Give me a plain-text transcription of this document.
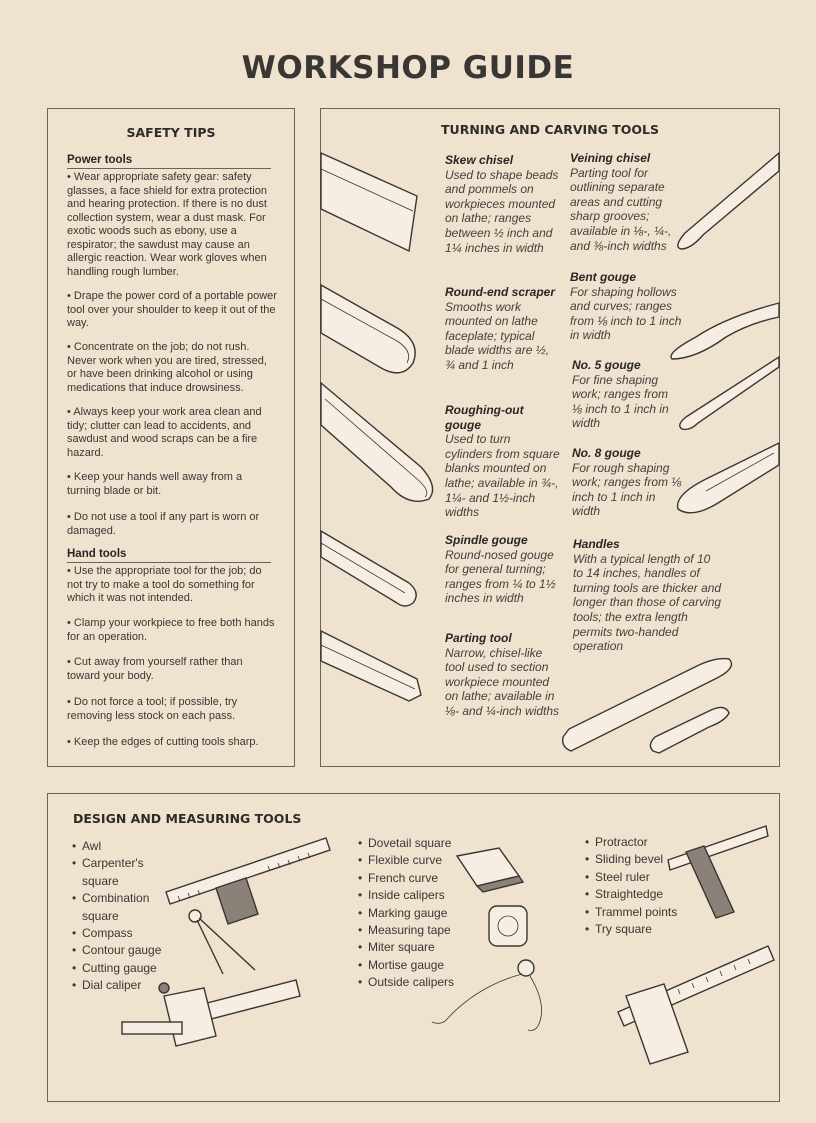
WORKSHOP GUIDE
SAFETY TIPS
Power tools
• Wear appropriate safety gear: safety glasses, a face shield for extra protection and hearing protection. If there is no dust collection system, wear a dust mask. For exotic woods such as ebony, use a respirator; the sawdust may cause an allergic reaction. Wear work gloves when handling rough lumber.
• Drape the power cord of a portable power tool over your shoulder to keep it out of the way.
• Concentrate on the job; do not rush. Never work when you are tired, stressed, or have been drinking alcohol or using medications that induce drowsiness.
• Always keep your work area clean and tidy; clutter can lead to accidents, and sawdust and wood scraps can be a fire hazard.
• Keep your hands well away from a turning blade or bit.
• Do not use a tool if any part is worn or damaged.
Hand tools
• Use the appropriate tool for the job; do not try to make a tool do something for which it was not intended.
• Clamp your workpiece to free both hands for an operation.
• Cut away from yourself rather than toward your body.
• Do not force a tool; if possible, try removing less stock on each pass.
• Keep the edges of cutting tools sharp.
TURNING AND CARVING TOOLS
Skew chisel
Used to shape beads and pommels on workpieces mounted on lathe; ranges between ½ inch and 1¼ inches in width
Round-end scraper
Smooths work mounted on lathe faceplate; typical blade widths are ½, ¾ and 1 inch
Roughing-out gouge
Used to turn cylinders from square blanks mounted on lathe; available in ¾-, 1¼- and 1½-inch widths
Spindle gouge
Round-nosed gouge for general turning; ranges from ¼ to 1½ inches in width
Parting tool
Narrow, chisel-like tool used to section workpiece mounted on lathe; available in ⅛- and ¼-inch widths
Veining chisel
Parting tool for outlining separate areas and cutting sharp grooves; available in ⅛-, ¼-, and ⅜-inch widths
Bent gouge
For shaping hollows and curves; ranges from ⅛ inch to 1 inch in width
No. 5 gouge
For fine shaping work; ranges from ⅛ inch to 1 inch in width
No. 8 gouge
For rough shaping work; ranges from ⅛ inch to 1 inch in width
Handles
With a typical length of 10 to 14 inches, handles of turning tools are thicker and longer than those of carving tools; the extra length permits two-handed operation
DESIGN AND MEASURING TOOLS
• Awl
• Carpenter's square
• Combination square
• Compass
• Contour gauge
• Cutting gauge
• Dial caliper
• Dovetail square
• Flexible curve
• French curve
• Inside calipers
• Marking gauge
• Measuring tape
• Miter square
• Mortise gauge
• Outside calipers
• Protractor
• Sliding bevel
• Steel ruler
• Straightedge
• Trammel points
• Try square
